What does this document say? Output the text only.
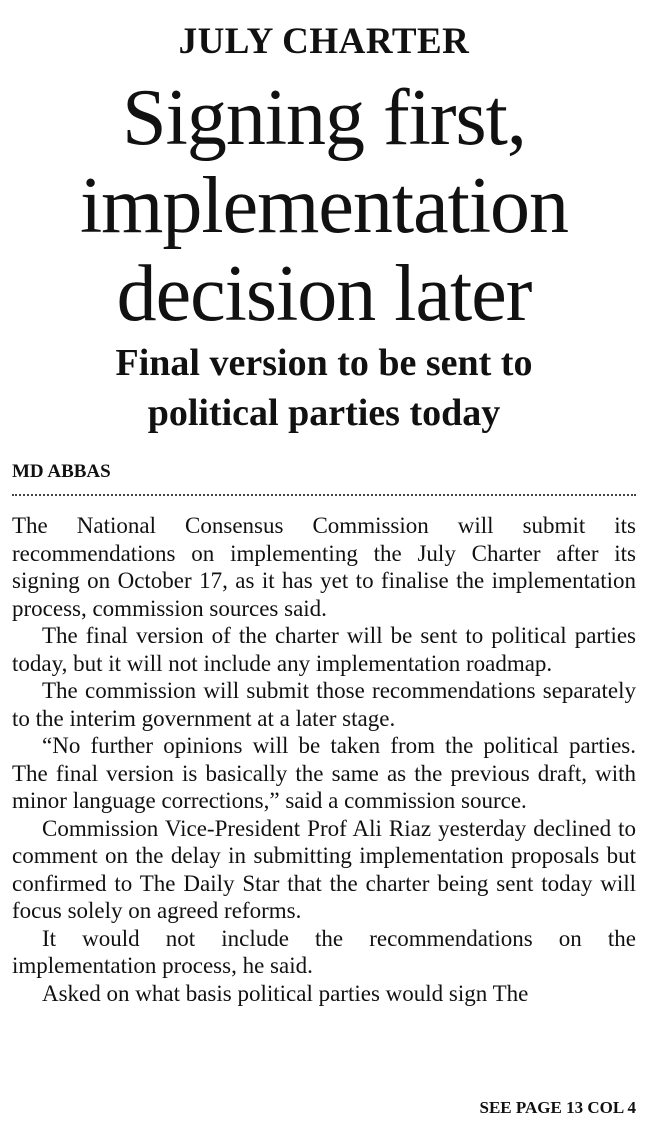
JULY CHARTER
Signing first,
implementation
decision later
Final version to be sent to
political parties today
MD ABBAS

The National Consensus Commission will submit its recommendations on implementing the July Charter after its signing on October 17, as it has yet to finalise the implementation process, commission sources said.

The final version of the charter will be sent to political parties today, but it will not include any implementation roadmap.

The commission will submit those recommendations separately to the interim government at a later stage.

“No further opinions will be taken from the political parties. The final version is basically the same as the previous draft, with minor language corrections,” said a commission source.

Commission Vice-President Prof Ali Riaz yesterday declined to comment on the delay in submitting implementation proposals but confirmed to The Daily Star that the charter being sent today will focus solely on agreed reforms.

It would not include the recommendations on the implementation process, he said.

Asked on what basis political parties would sign The

SEE PAGE 13 COL 4
